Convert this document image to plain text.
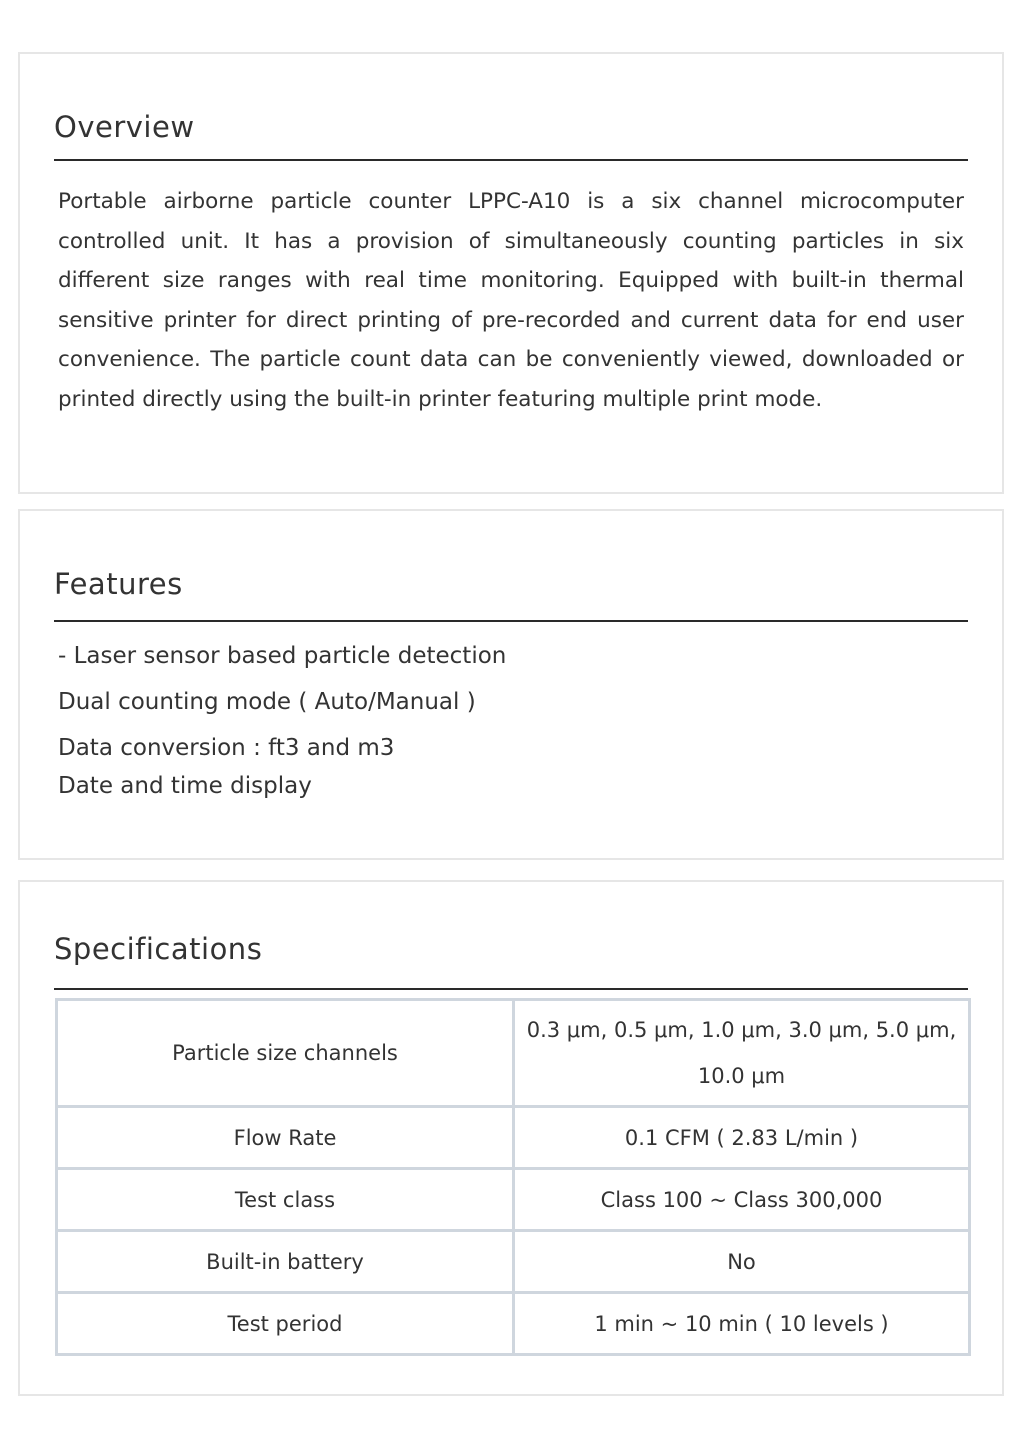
Overview

Portable airborne particle counter LPPC-A10 is a six channel microcomputer controlled unit. It has a provision of simultaneously counting particles in six different size ranges with real time monitoring. Equipped with built-in thermal sensitive printer for direct printing of pre-recorded and current data for end user convenience. The particle count data can be conveniently viewed, downloaded or printed directly using the built-in printer featuring multiple print mode.

Features
- Laser sensor based particle detection
Dual counting mode ( Auto/Manual )
Data conversion : ft3 and m3
Date and time display
Specifications
Particle size channels	0.3 μm, 0.5 μm, 1.0 μm, 3.0 μm, 5.0 μm, 10.0 μm
Flow Rate	0.1 CFM ( 2.83 L/min )
Test class	Class 100 ~ Class 300,000
Built-in battery	No
Test period	1 min ~ 10 min ( 10 levels )
